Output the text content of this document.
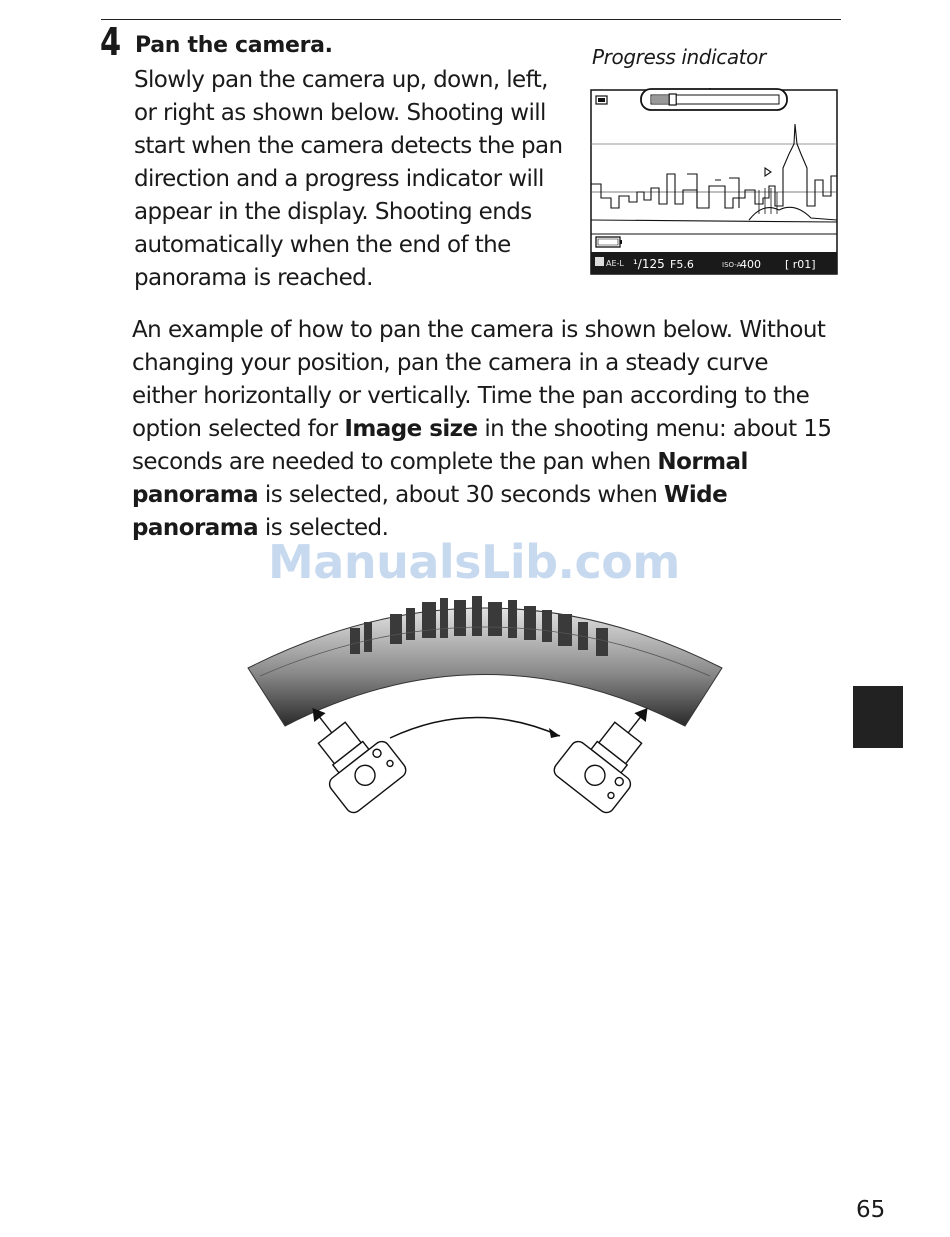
4 Pan the camera.

Slowly pan the camera up, down, left, or right as shown below. Shooting will start when the camera detects the pan direction and a progress indicator will appear in the display. Shooting ends automatically when the end of the panorama is reached.

Progress indicator
AE-L ¹/125 F5.6	ISO-A
400 [ r01]

An example of how to pan the camera is shown below. Without changing your position, pan the camera in a steady curve either horizontally or vertically. Time the pan according to the option selected for Image size in the shooting menu: about 15 seconds are needed to complete the pan when Normal panorama is selected, about 30 seconds when Wide panorama is selected.

ManualsLib.com
65
